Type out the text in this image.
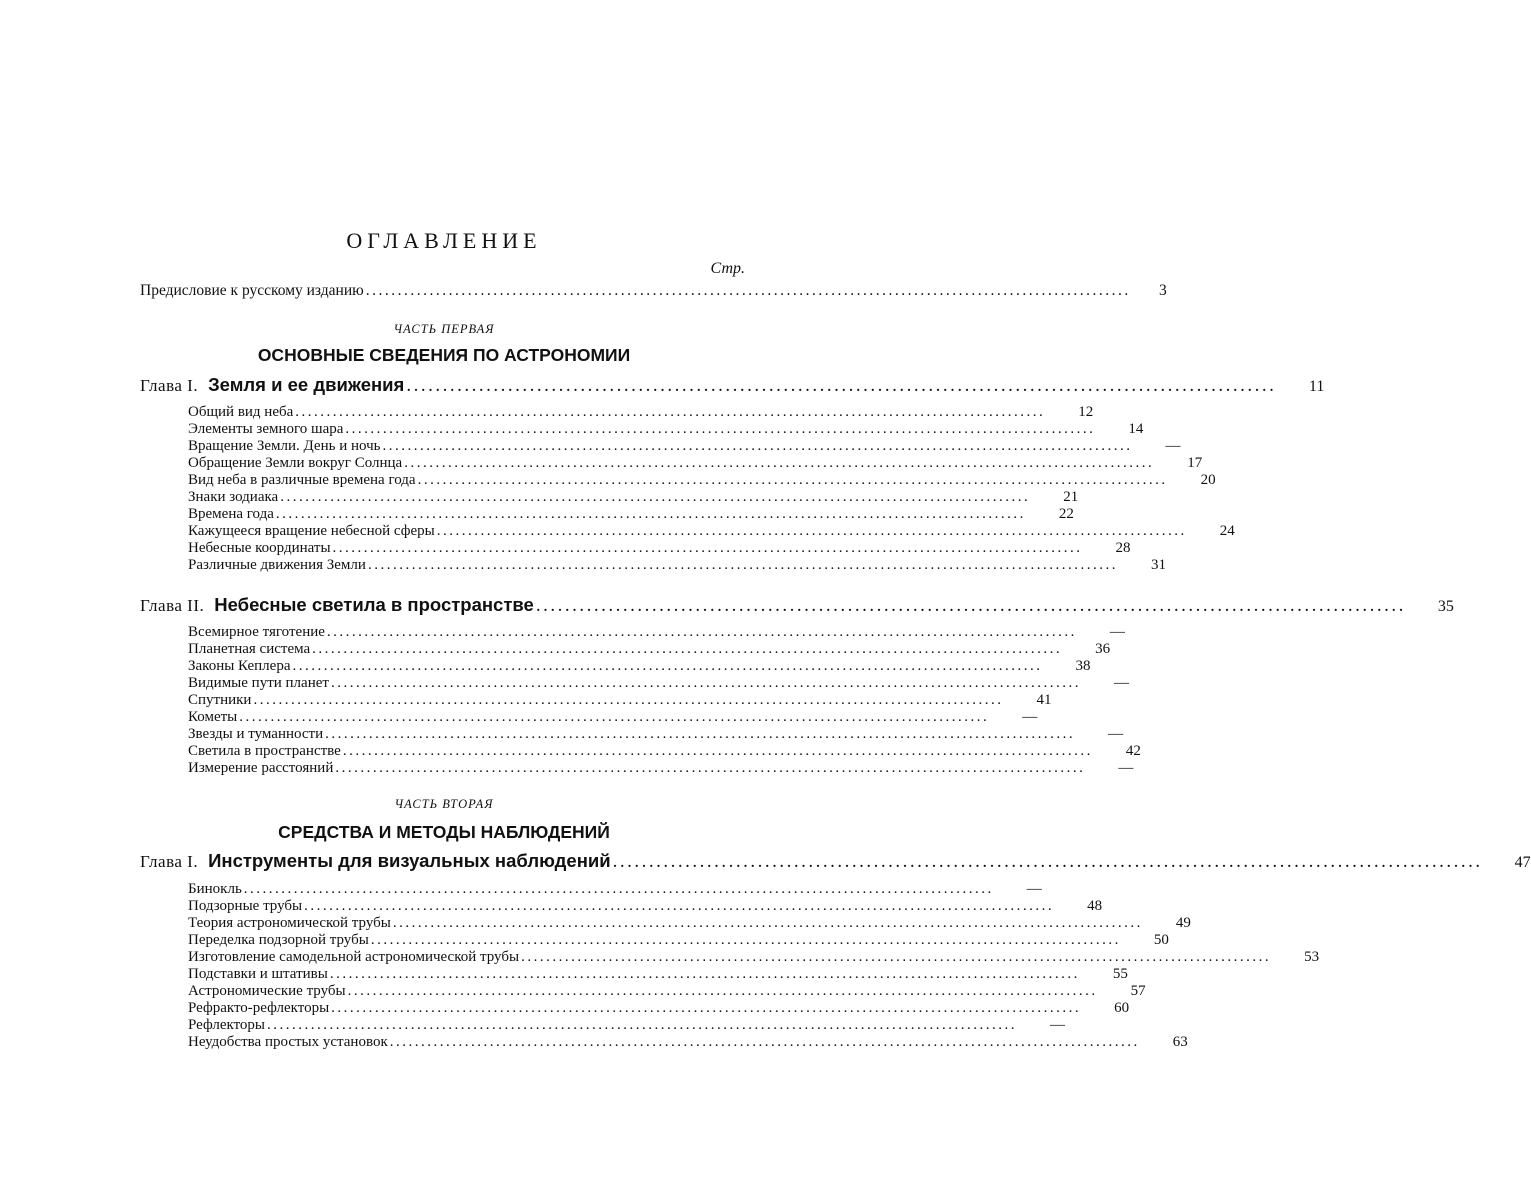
ОГЛАВЛЕНИЕ
Стр.
Предисловие к русскому изданию ........................................................................................................................	3
ЧАСТЬ ПЕРВАЯ
ОСНОВНЫЕ СВЕДЕНИЯ ПО АСТРОНОМИИ
Глава I. Земля и ее движения ........................................................................................................................	11
Общий вид неба ........................................................................................................................	12
Элементы земного шара ........................................................................................................................	14
Вращение Земли. День и ночь ........................................................................................................................	—
Обращение Земли вокруг Солнца ........................................................................................................................	17
Вид неба в различные времена года ........................................................................................................................	20
Знаки зодиака ........................................................................................................................	21
Времена года ........................................................................................................................	22
Кажущееся вращение небесной сферы ........................................................................................................................	24
Небесные координаты ........................................................................................................................	28
Различные движения Земли ........................................................................................................................	31
Глава II. Небесные светила в пространстве ........................................................................................................................	35
Всемирное тяготение ........................................................................................................................	—
Планетная система ........................................................................................................................	36
Законы Кеплера ........................................................................................................................	38
Видимые пути планет ........................................................................................................................	—
Спутники ........................................................................................................................	41
Кометы ........................................................................................................................	—
Звезды и туманности ........................................................................................................................	—
Светила в пространстве ........................................................................................................................	42
Измерение расстояний ........................................................................................................................	—
ЧАСТЬ ВТОРАЯ
СРЕДСТВА И МЕТОДЫ НАБЛЮДЕНИЙ
Глава I. Инструменты для визуальных наблюдений ........................................................................................................................	47
Бинокль ........................................................................................................................	—
Подзорные трубы ........................................................................................................................	48
Теория астрономической трубы ........................................................................................................................	49
Переделка подзорной трубы ........................................................................................................................	50
Изготовление самодельной астрономической трубы ........................................................................................................................	53
Подставки и штативы ........................................................................................................................	55
Астрономические трубы ........................................................................................................................	57
Рефракто-рефлекторы ........................................................................................................................	60
Рефлекторы ........................................................................................................................	—
Неудобства простых установок ........................................................................................................................	63
